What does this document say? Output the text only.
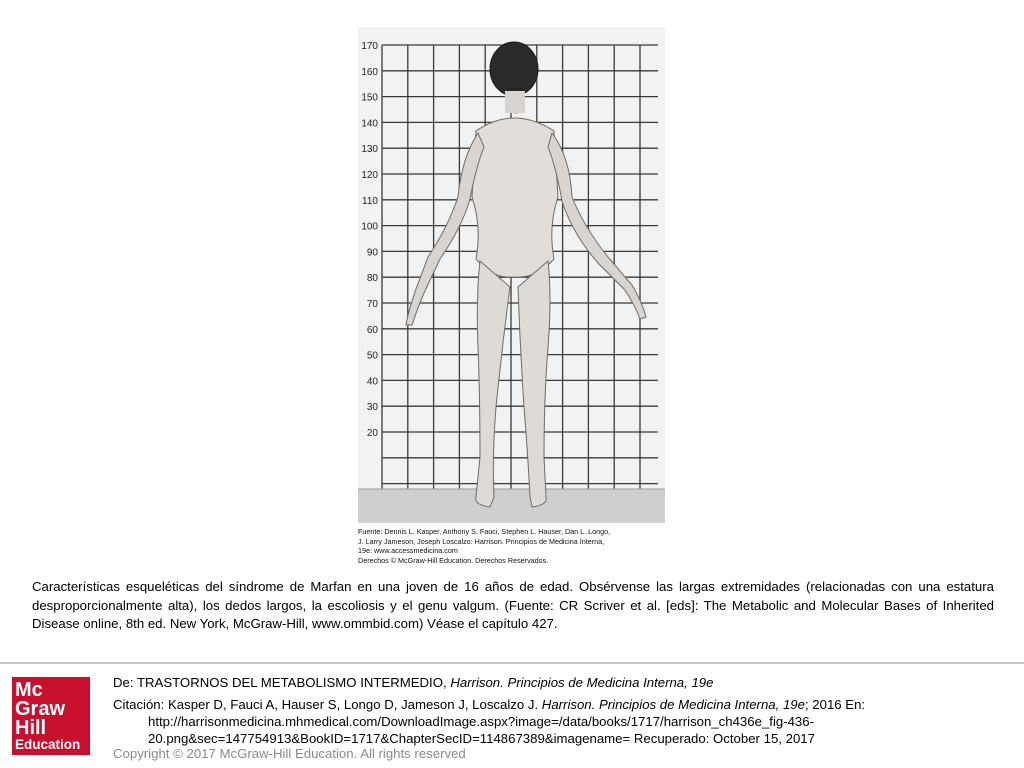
170
160
150
140
130
120
110
100
90
80
70
60
50
40
30
20
Fuente: Dennis L. Kasper, Anthony S. Fauci, Stephen L. Hauser, Dan L. Longo,
J. Larry Jameson, Joseph Loscalzo: Harrison. Principios de Medicina Interna,
19e: www.accessmedicina.com
Derechos © McGraw-Hill Education. Derechos Reservados.
Características esqueléticas del síndrome de Marfan en una joven de 16 años de edad. Obsérvense las largas extremidades (relacionadas con una estatura desproporcionalmente alta), los dedos largos, la escoliosis y el genu valgum. (Fuente: CR Scriver et al. [eds]: The Metabolic and Molecular Bases of Inherited Disease online, 8th ed. New York, McGraw-Hill, www.ommbid.com) Véase el capítulo 427.
Mc
Graw
Hill
Education
De: TRASTORNOS DEL METABOLISMO INTERMEDIO, Harrison. Principios de Medicina Interna, 19e
Citación: Kasper D, Fauci A, Hauser S, Longo D, Jameson J, Loscalzo J. Harrison. Principios de Medicina Interna, 19e; 2016 En:
http://harrisonmedicina.mhmedical.com/DownloadImage.aspx?image=/data/books/1717/harrison_ch436e_fig-436-
20.png&sec=147754913&BookID=1717&ChapterSecID=114867389&imagename= Recuperado: October 15, 2017
Copyright © 2017 McGraw-Hill Education. All rights reserved
